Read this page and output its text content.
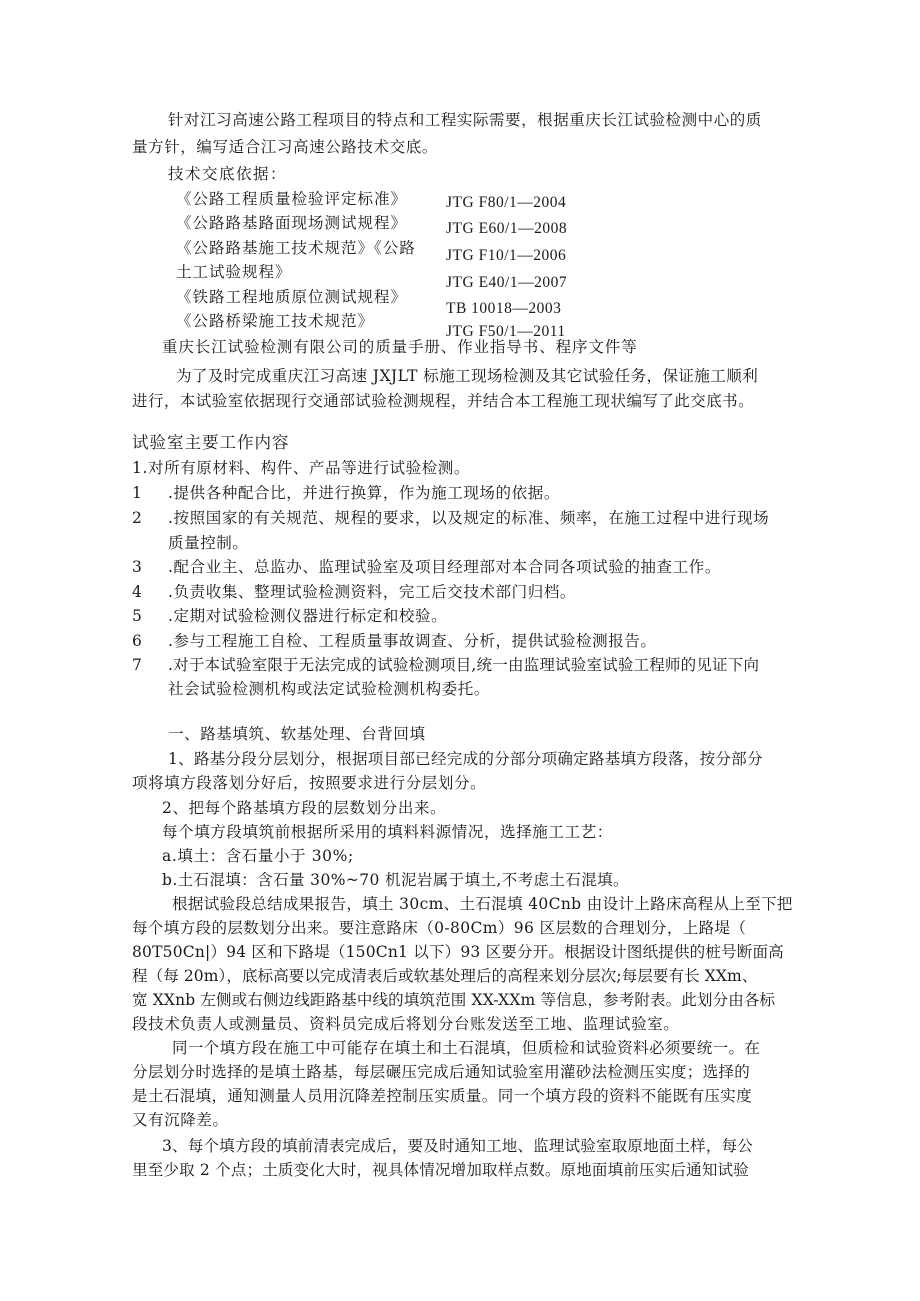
针对江习高速公路工程项目的特点和工程实际需要，根据重庆长江试验检测中心的质
量方针，编写适合江习高速公路技术交底。
技术交底依据：
《公路工程质量检验评定标准》	JTG F80/1—2004
《公路路基路面现场测试规程》	JTG E60/1—2008
《公路路基施工技术规范》《公路 JTG F10/1—2006
土工试验规程》
JTG E40/1—2007
《铁路工程地质原位测试规程》
TB 10018—2003
《公路桥梁施工技术规范》
JTG F50/1—2011
重庆长江试验检测有限公司的质量手册、作业指导书、程序文件等
为了及时完成重庆江习高速 JXJLT 标施工现场检测及其它试验任务，保证施工顺利
进行，本试验室依据现行交通部试验检测规程，并结合本工程施工现状编写了此交底书。
试验室主要工作内容
1.对所有原材料、构件、产品等进行试验检测。
1 .提供各种配合比，并进行换算，作为施工现场的依据。
2 .按照国家的有关规范、规程的要求，以及规定的标准、频率，在施工过程中进行现场
质量控制。
3 .配合业主、总监办、监理试验室及项目经理部对本合同各项试验的抽查工作。
4 .负责收集、整理试验检测资料，完工后交技术部门归档。
5 .定期对试验检测仪器进行标定和校验。
6 .参与工程施工自检、工程质量事故调查、分析，提供试验检测报告。
7 .对于本试验室限于无法完成的试验检测项目,统一由监理试验室试验工程师的见证下向
社会试验检测机构或法定试验检测机构委托。
一、路基填筑、软基处理、台背回填
1、路基分段分层划分，根据项目部已经完成的分部分项确定路基填方段落，按分部分
项将填方段落划分好后，按照要求进行分层划分。
2、把每个路基填方段的层数划分出来。
每个填方段填筑前根据所采用的填料料源情况，选择施工工艺：
a.填土：含石量小于 30%;
b.土石混填：含石量 30%~70 机泥岩属于填土,不考虑土石混填。
根据试验段总结成果报告，填土 30cm、土石混填 40Cnb 由设计上路床高程从上至下把
每个填方段的层数划分出来。要注意路床（0-80Cm）96 区层数的合理划分，上路堤（
80T50Cn|）94 区和下路堤（150Cn1 以下）93 区要分开。根据设计图纸提供的桩号断面高
程（每 20m），底标高要以完成清表后或软基处理后的高程来划分层次;每层要有长 XXm、
宽 XXnb 左侧或右侧边线距路基中线的填筑范围 XX-XXm 等信息，参考附表。此划分由各标
段技术负责人或测量员、资料员完成后将划分台账发送至工地、监理试验室。
同一个填方段在施工中可能存在填土和土石混填，但质检和试验资料必须要统一。在
分层划分时选择的是填土路基，每层碾压完成后通知试验室用灌砂法检测压实度；选择的
是土石混填，通知测量人员用沉降差控制压实质量。同一个填方段的资料不能既有压实度
又有沉降差。
3、每个填方段的填前清表完成后，要及时通知工地、监理试验室取原地面土样，每公
里至少取 2 个点；土质变化大时，视具体情况增加取样点数。原地面填前压实后通知试验
